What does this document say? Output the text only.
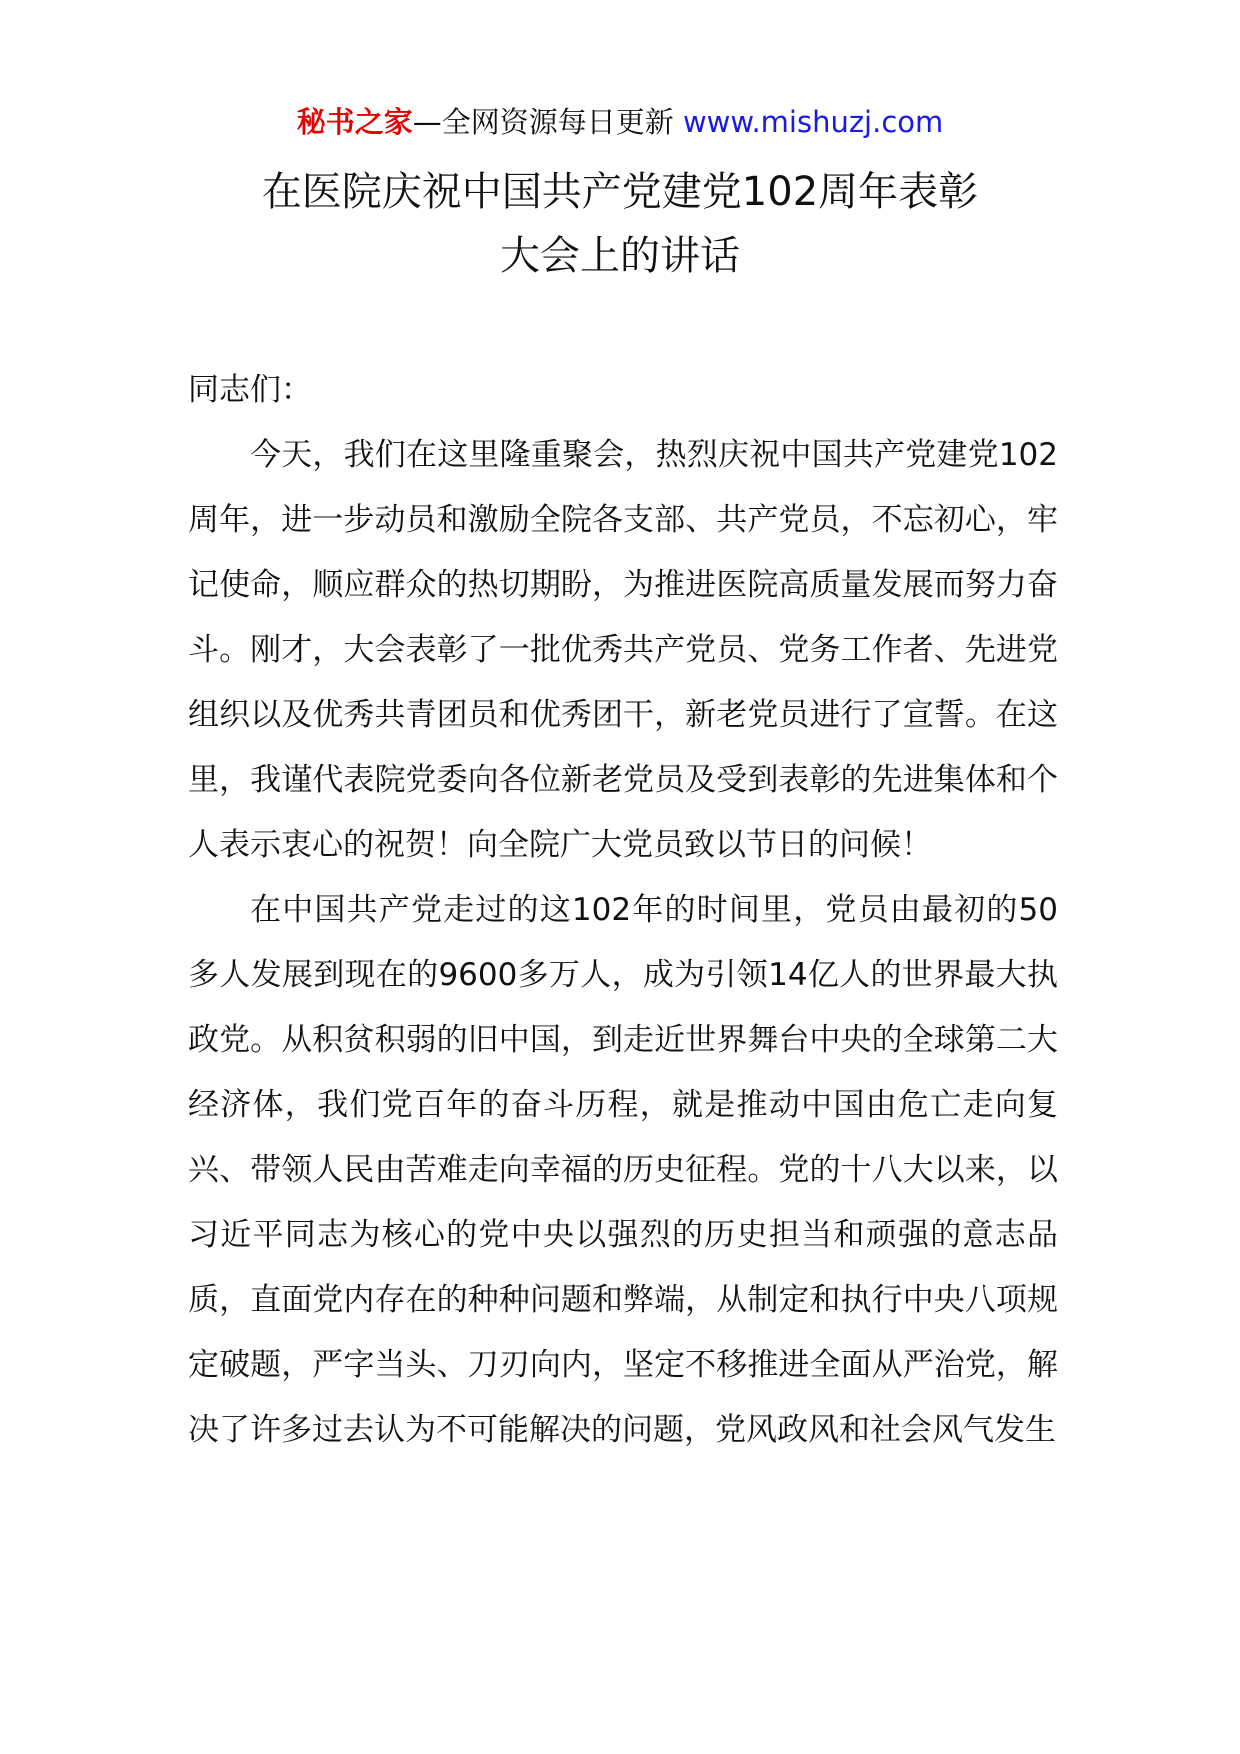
秘书之家—全网资源每日更新 www.mishuzj.com
在医院庆祝中国共产党建党102周年表彰
大会上的讲话

同志们：

今天，我们在这里隆重聚会，热烈庆祝中国共产党建党102周年，进一步动员和激励全院各支部、共产党员，不忘初心，牢记使命，顺应群众的热切期盼，为推进医院高质量发展而努力奋斗。刚才，大会表彰了一批优秀共产党员、党务工作者、先进党组织以及优秀共青团员和优秀团干，新老党员进行了宣誓。在这里，我谨代表院党委向各位新老党员及受到表彰的先进集体和个人表示衷心的祝贺！向全院广大党员致以节日的问候！

在中国共产党走过的这102年的时间里，党员由最初的50多人发展到现在的9600多万人，成为引领14亿人的世界最大执政党。从积贫积弱的旧中国，到走近世界舞台中央的全球第二大经济体，我们党百年的奋斗历程，就是推动中国由危亡走向复兴、带领人民由苦难走向幸福的历史征程。党的十八大以来，以习近平同志为核心的党中央以强烈的历史担当和顽强的意志品质，直面党内存在的种种问题和弊端，从制定和执行中央八项规定破题，严字当头、刀刃向内，坚定不移推进全面从严治党，解决了许多过去认为不可能解决的问题，党风政风和社会风气发生
